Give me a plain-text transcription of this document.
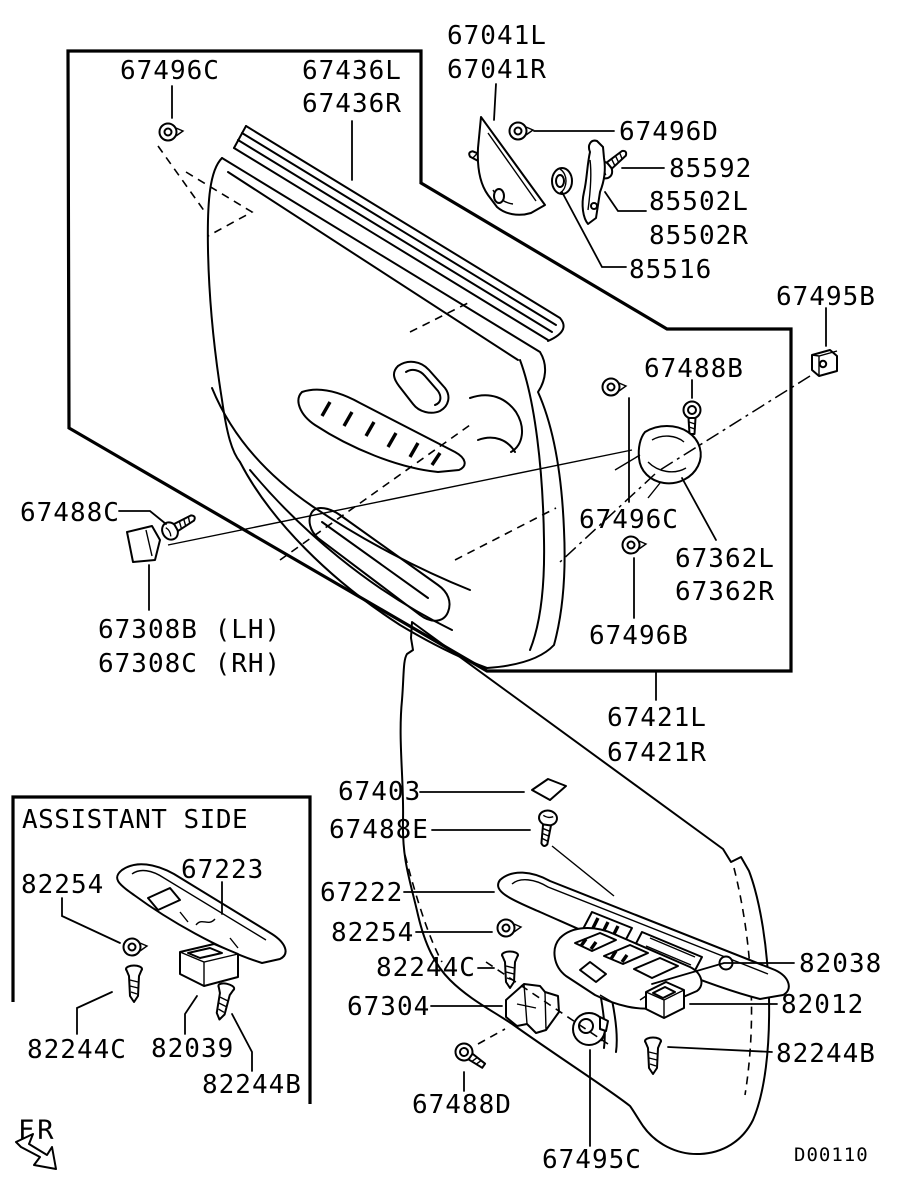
67496C	67436L
67436R
67041L
67041R
67496D
85592
85502L
85502R
85516
67495B
67488B
67496C
67362L
67362R
67496B
67488C
67308B (LH)
67308C (RH)
67421L
67421R
67403
67488E
67222
82254
82244C
67304
67488D
67495C
82038
82012
82244B
ASSISTANT SIDE
82254	67223
82244C 82039
82244B
FR
D00110
